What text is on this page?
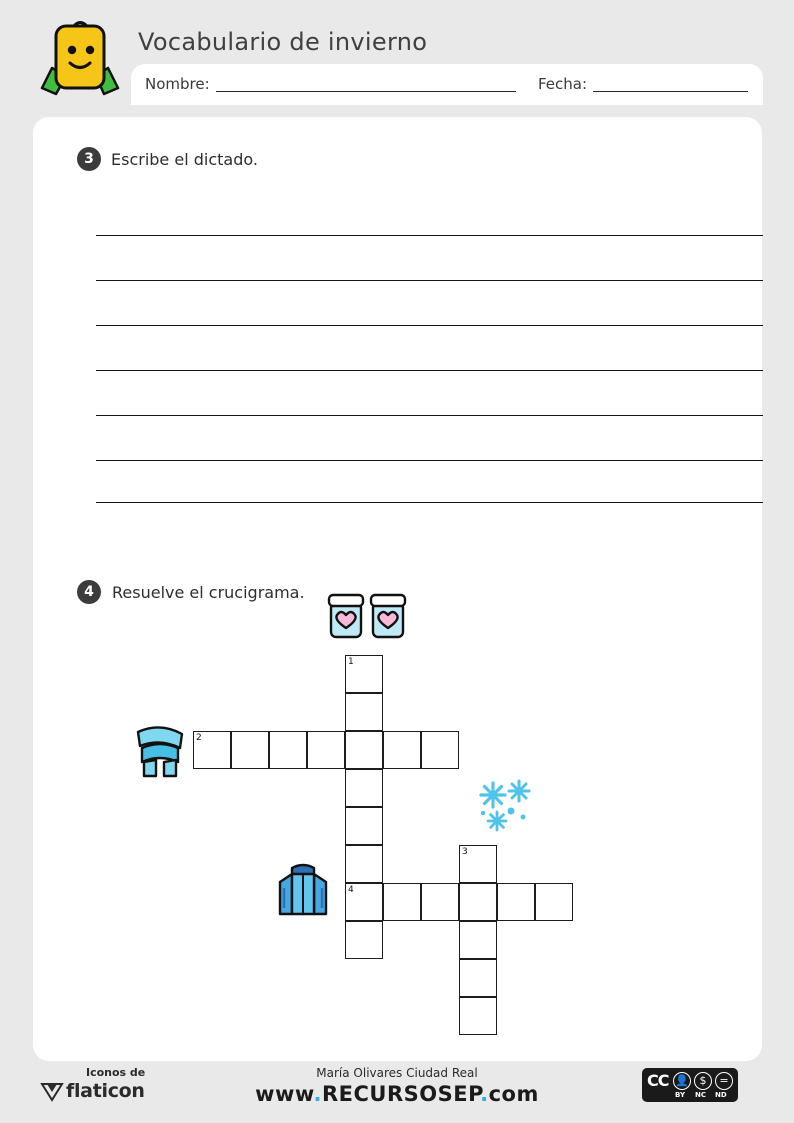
Vocabulario de invierno
Nombre:	Fecha:
3	Escribe el dictado.
4	Resuelve el crucigrama.
1
2
3
4
Iconos de
flaticon
María Olivares Ciudad Real
www.RECURSOSEP.com
CC 👤 $	=
BY NC ND
